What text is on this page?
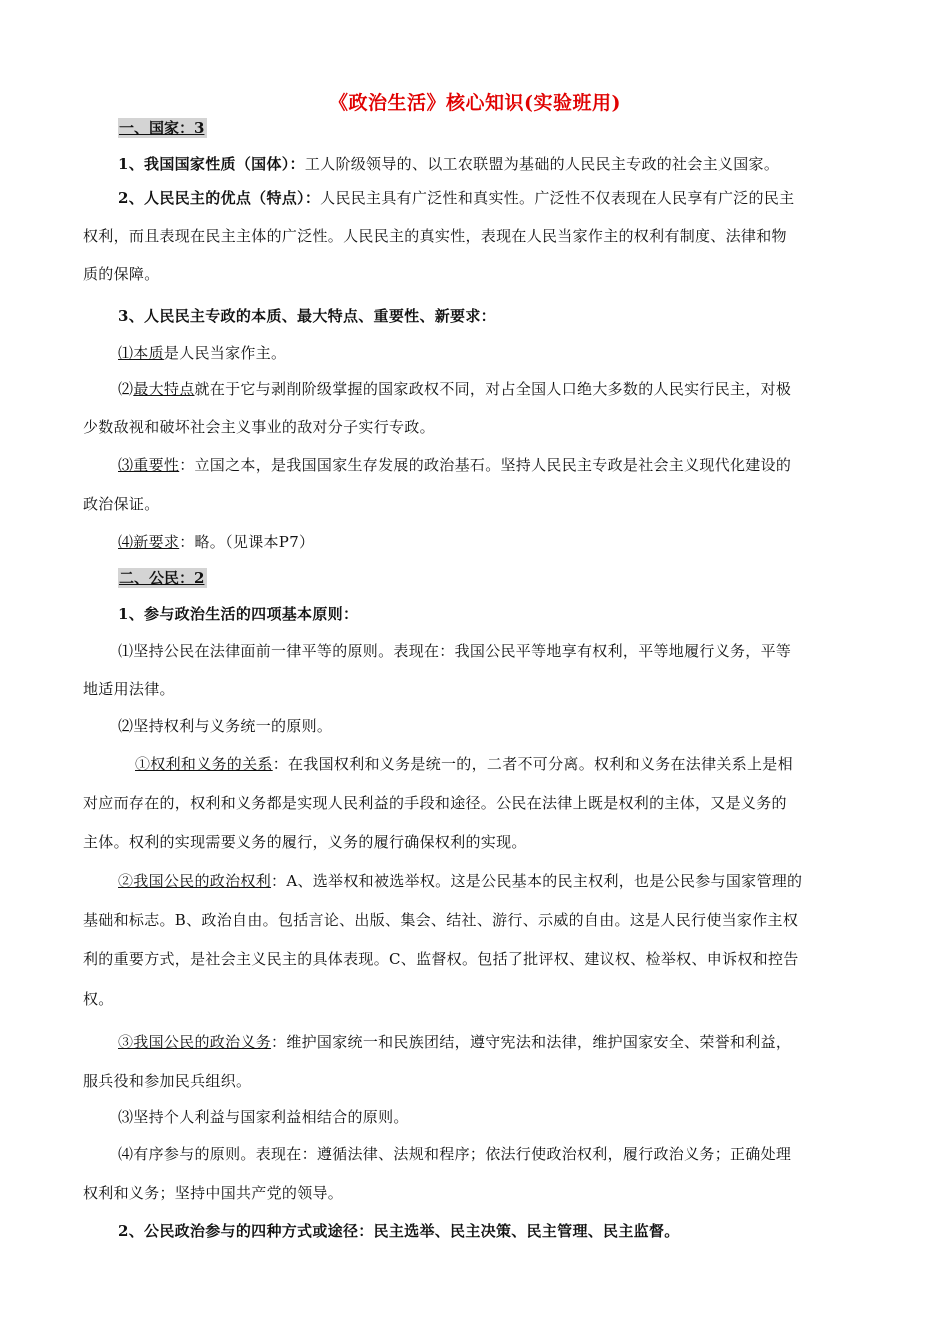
《政治生活》核心知识(实验班用)
一、国家：3
1、我国国家性质（国体）：工人阶级领导的、以工农联盟为基础的人民民主专政的社会主义国家。
2、人民民主的优点（特点）：人民民主具有广泛性和真实性。广泛性不仅表现在人民享有广泛的民主
权利，而且表现在民主主体的广泛性。人民民主的真实性，表现在人民当家作主的权利有制度、法律和物
质的保障。
3、人民民主专政的本质、最大特点、重要性、新要求：
⑴本质是人民当家作主。
⑵最大特点就在于它与剥削阶级掌握的国家政权不同，对占全国人口绝大多数的人民实行民主，对极
少数敌视和破坏社会主义事业的敌对分子实行专政。
⑶重要性：立国之本，是我国国家生存发展的政治基石。坚持人民民主专政是社会主义现代化建设的
政治保证。
⑷新要求：略。（见课本P7）
二、公民：2
1、参与政治生活的四项基本原则：
⑴坚持公民在法律面前一律平等的原则。表现在：我国公民平等地享有权利，平等地履行义务，平等
地适用法律。
⑵坚持权利与义务统一的原则。
①权利和义务的关系：在我国权利和义务是统一的，二者不可分离。权利和义务在法律关系上是相
对应而存在的，权利和义务都是实现人民利益的手段和途径。公民在法律上既是权利的主体，又是义务的
主体。权利的实现需要义务的履行，义务的履行确保权利的实现。
②我国公民的政治权利：A、选举权和被选举权。这是公民基本的民主权利，也是公民参与国家管理的
基础和标志。B、政治自由。包括言论、出版、集会、结社、游行、示威的自由。这是人民行使当家作主权
利的重要方式，是社会主义民主的具体表现。C、监督权。包括了批评权、建议权、检举权、申诉权和控告
权。
③我国公民的政治义务：维护国家统一和民族团结，遵守宪法和法律，维护国家安全、荣誉和利益，
服兵役和参加民兵组织。
⑶坚持个人利益与国家利益相结合的原则。
⑷有序参与的原则。表现在：遵循法律、法规和程序；依法行使政治权利，履行政治义务；正确处理
权利和义务；坚持中国共产党的领导。
2、公民政治参与的四种方式或途径：民主选举、民主决策、民主管理、民主监督。
